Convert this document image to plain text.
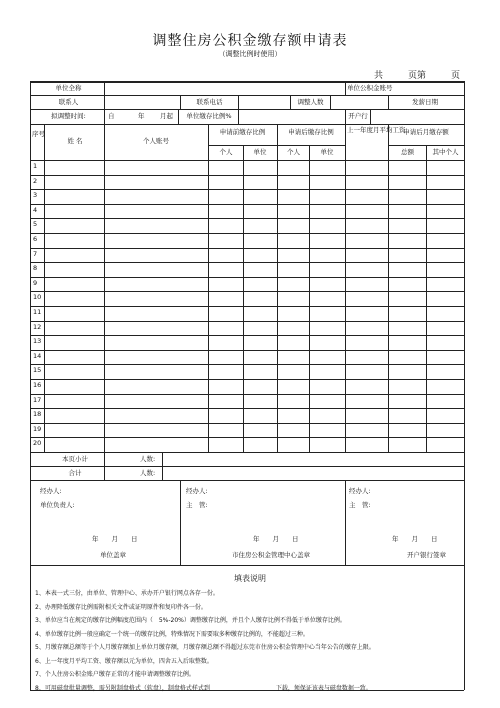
调整住房公积金缴存额申请表
（调整比例时使用）
共	页第	页
单位全称	单位公积金账号
联系人	联系电话	调整人数	发薪日期
拟调整时间:	自	年 月起	单位缴存比例%	开户行
序号
姓 名	个人账号
申请前缴存比例	申请后缴存比例	上一年度月平均工资
申请后月缴存额
个人	单位	个人	单位	总额	其中个人
1
2
3
4
5
6
7
8
9
10
11
12
13
14
15
16
17
18
19
20
本页小计	人数:
合计	人数:
经办人:
单位负责人:
经办人:
主　管:
经办人:
主　管:
年　　月　　日	年　　月　　日	年　　月　　日
单位盖章	市住房公积金管理中心盖章	开户银行签章
填表说明
1、本表一式三份，由单位、管理中心、承办开户银行网点各存一份。
2、办理降低缴存比例需附相关文件或证明原件和复印件各一份。
3、单位应当在规定的缴存比例幅度范围内（　5%-20%）调整缴存比例，并且个人缴存比例不得低于单位缴存比例。
4、单位缴存比例一般应确定一个统一的缴存比例，特殊情况下需要取多种缴存比例的，不能超过三种。
5、月缴存额总额等于个人月缴存额加上单位月缴存额，月缴存额总额不得超过东莞市住房公积金管理中心当年公告的缴存上限。
6、上一年度月平均工资、缴存额以元为单位，四舍五入后取整数。
7、个人住房公积金账户缴存正常的才能申请调整缴存比例。
8、可用磁盘批量调整，需另附制盘格式（软盘），制盘格式样式到　　　　　　　　　　　下载，须保证该表与磁盘数据一致。
